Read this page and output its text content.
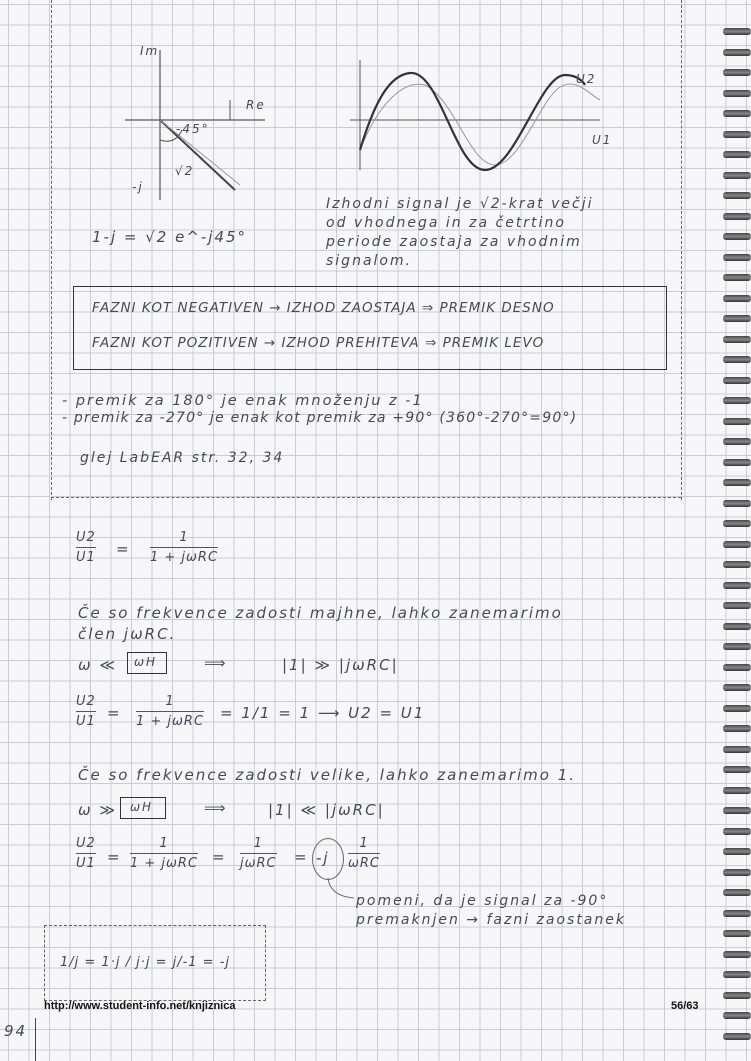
Im
Re
-45°
√2
-j
1-j = √2 e^-j45°
U2
U1
Izhodni signal je √2-krat večji
od vhodnega in za četrtino
periode zaostaja za vhodnim
signalom.
FAZNI KOT NEGATIVEN → IZHOD ZAOSTAJA ⇒ PREMIK DESNO
FAZNI KOT POZITIVEN → IZHOD PREHITEVA ⇒ PREMIK LEVO
- premik za 180° je enak množenju z -1
- premik za -270° je enak kot premik za +90° (360°-270°=90°)
glej LabEAR str. 32, 34
U2
U1 =
1
1 + jωRC
Če so frekvence zadosti majhne, lahko zanemarimo
člen jωRC.
ω ≪ ωH	⟹	|1| ≫ |jωRC|
U2
U1 =
1
1 + jωRC = 1/1 = 1 ⟶ U2 = U1
Če so frekvence zadosti velike, lahko zanemarimo 1.
ω ≫ ωH	⟹	|1| ≪ |jωRC|
U2
U1 =
1
1 + jωRC =
1
jωRC = -j
1
ωRC
pomeni, da je signal za -90°
premaknjen → fazni zaostanek
1/j = 1·j / j·j = j/-1 = -j
http://www.student-info.net/knjiznica	56/63
94
